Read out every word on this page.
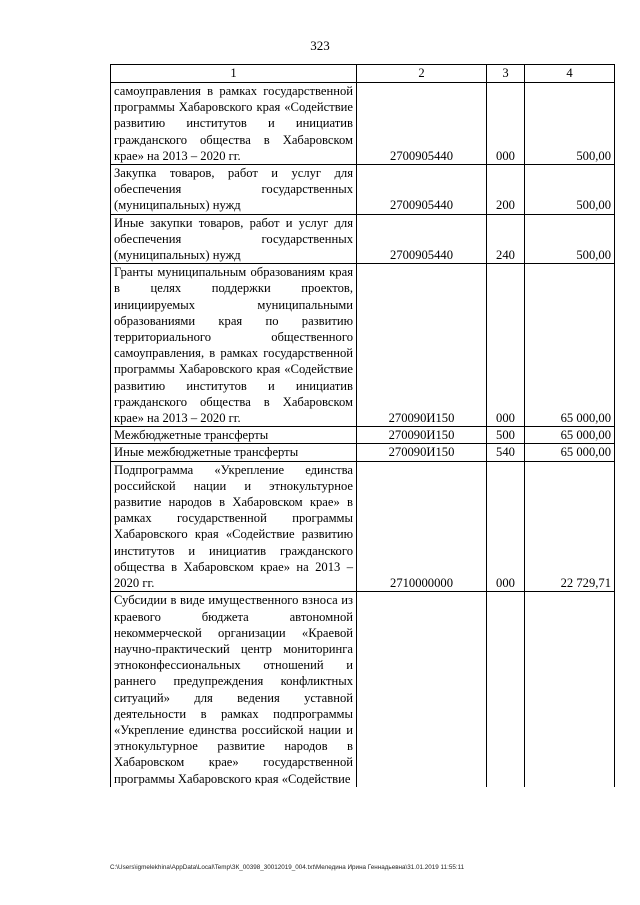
323
1	2	3	4
самоуправления в рамках государственной программы Хабаровского края «Содействие развитию институтов и инициатив гражданского общества в Хабаровском крае» на 2013 – 2020 гг.	2700905440	000	500,00
Закупка товаров, работ и услуг для обеспечения государственных (муниципальных) нужд	2700905440	200	500,00
Иные закупки товаров, работ и услуг для обеспечения государственных (муниципальных) нужд	2700905440	240	500,00
Гранты муниципальным образованиям края в целях поддержки проектов, инициируемых муниципальными образованиями края по развитию территориального общественного самоуправления, в рамках государственной программы Хабаровского края «Содействие развитию институтов и инициатив гражданского общества в Хабаровском крае» на 2013 – 2020 гг.	270090И150	000	65 000,00
Межбюджетные трансферты	270090И150	500	65 000,00
Иные межбюджетные трансферты	270090И150	540	65 000,00
Подпрограмма «Укрепление единства российской нации и этнокультурное развитие народов в Хабаровском крае» в рамках государственной программы Хабаровского края «Содействие развитию институтов и инициатив гражданского общества в Хабаровском крае» на 2013 – 2020 гг.	2710000000	000	22 729,71
Субсидии в виде имущественного взноса из краевого бюджета автономной некоммерческой организации «Краевой научно-практический центр мониторинга этноконфессиональных отношений и раннего предупреждения конфликтных ситуаций» для ведения уставной деятельности в рамках подпрограммы «Укрепление единства российской нации и этнокультурное развитие народов в Хабаровском крае» государственной программы Хабаровского края «Содействие			
C:\Users\igmelekhina\AppData\Local\Temp\ЗК_00398_30012019_004.txt\Меледина Ирина Геннадьевна\31.01.2019 11:55:11
